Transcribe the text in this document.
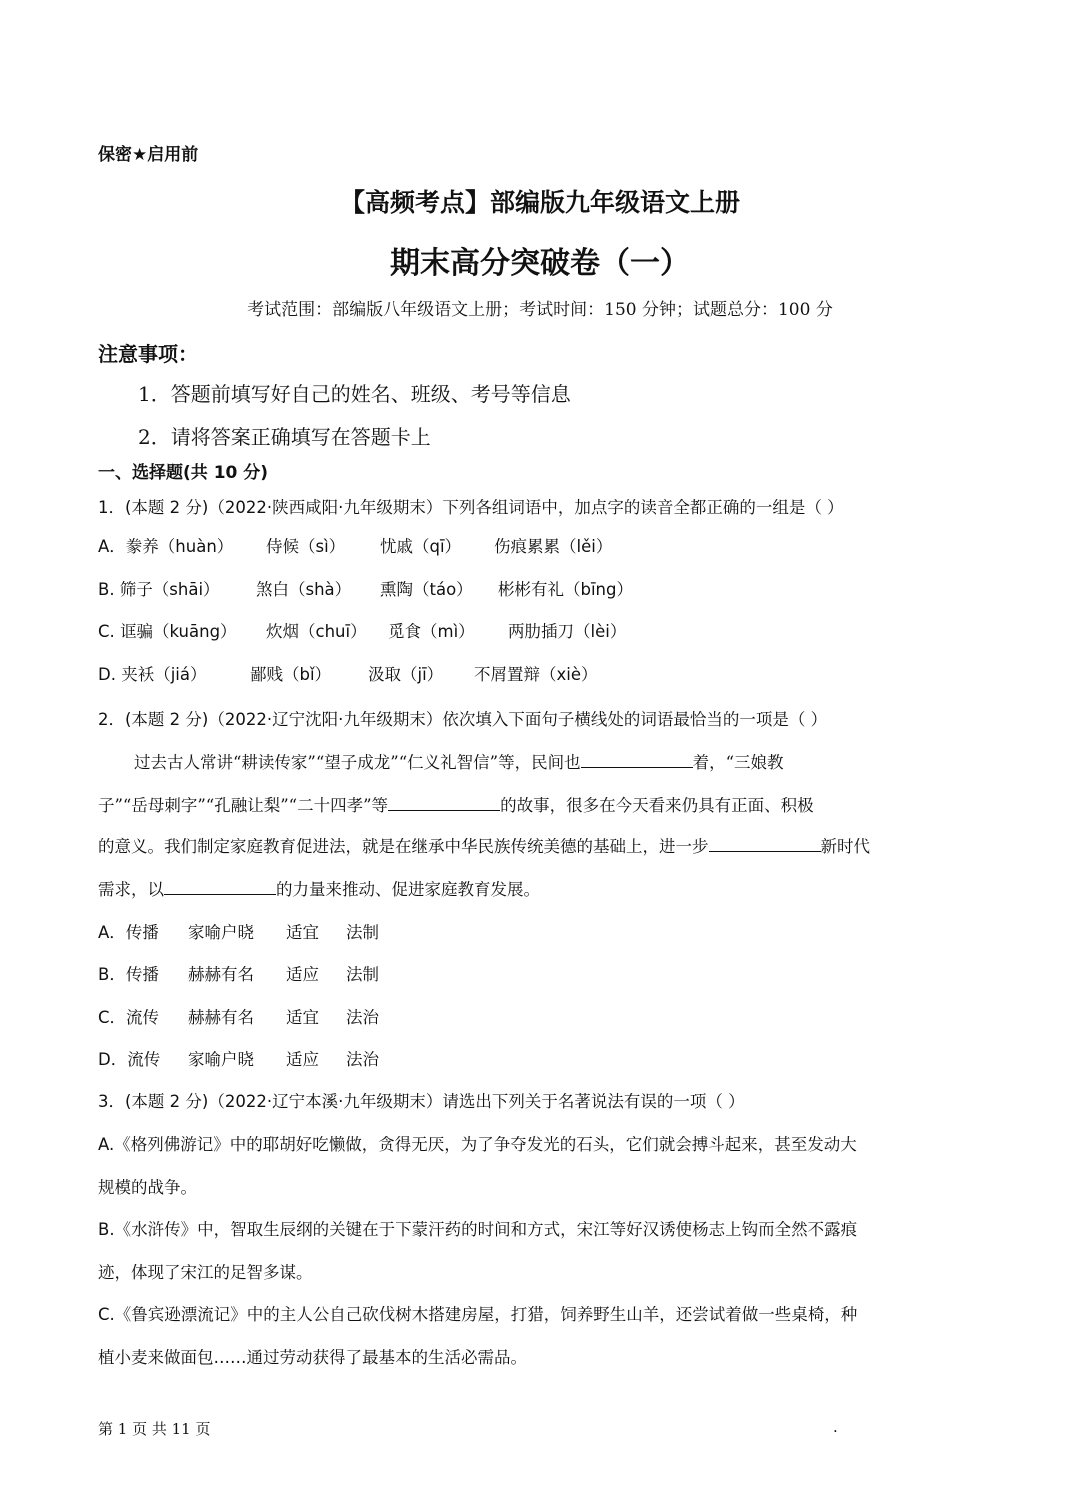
保密★启用前
【高频考点】部编版九年级语文上册
期末高分突破卷（一）
考试范围：部编版八年级语文上册；考试时间：150 分钟；试题总分：100 分
注意事项：
1．答题前填写好自己的姓名、班级、考号等信息
2．请将答案正确填写在答题卡上
一、选择题(共 10 分)
1．(本题 2 分)（2022·陕西咸阳·九年级期末）下列各组词语中，加点字的读音全都正确的一组是（ ）
A．豢养（huàn） 侍候（sì） 忧戚（qī） 伤痕累累（lěi）
B. 筛子（shāi） 煞白（shà） 熏陶（táo） 彬彬有礼（bīng）
C. 诓骗（kuāng） 炊烟（chuī） 觅食（mì） 两肋插刀（lèi）
D. 夹袄（jiá）	鄙贱（bǐ） 汲取（jī） 不屑置辩（xiè）
2．(本题 2 分)（2022·辽宁沈阳·九年级期末）依次填入下面句子横线处的词语最恰当的一项是（ ）
过去古人常讲“耕读传家”“望子成龙”“仁义礼智信”等，民间也	着，“三娘教
子”“岳母刺字”“孔融让梨”“二十四孝”等	的故事，很多在今天看来仍具有正面、积极
的意义。我们制定家庭教育促进法，就是在继承中华民族传统美德的基础上，进一步	新时代
需求，以	的力量来推动、促进家庭教育发展。
A．传播 家喻户晓 适宜 法制
B．传播 赫赫有名 适应 法制
C．流传 赫赫有名 适宜 法治
D．流传 家喻户晓 适应 法治
3．(本题 2 分)（2022·辽宁本溪·九年级期末）请选出下列关于名著说法有误的一项（ ）
A.《格列佛游记》中的耶胡好吃懒做，贪得无厌，为了争夺发光的石头，它们就会搏斗起来，甚至发动大
规模的战争。
B.《水浒传》中，智取生辰纲的关键在于下蒙汗药的时间和方式，宋江等好汉诱使杨志上钩而全然不露痕
迹，体现了宋江的足智多谋。
C.《鲁宾逊漂流记》中的主人公自己砍伐树木搭建房屋，打猎，饲养野生山羊，还尝试着做一些桌椅，种
植小麦来做面包……通过劳动获得了最基本的生活必需品。
第 1 页 共 11 页	.
